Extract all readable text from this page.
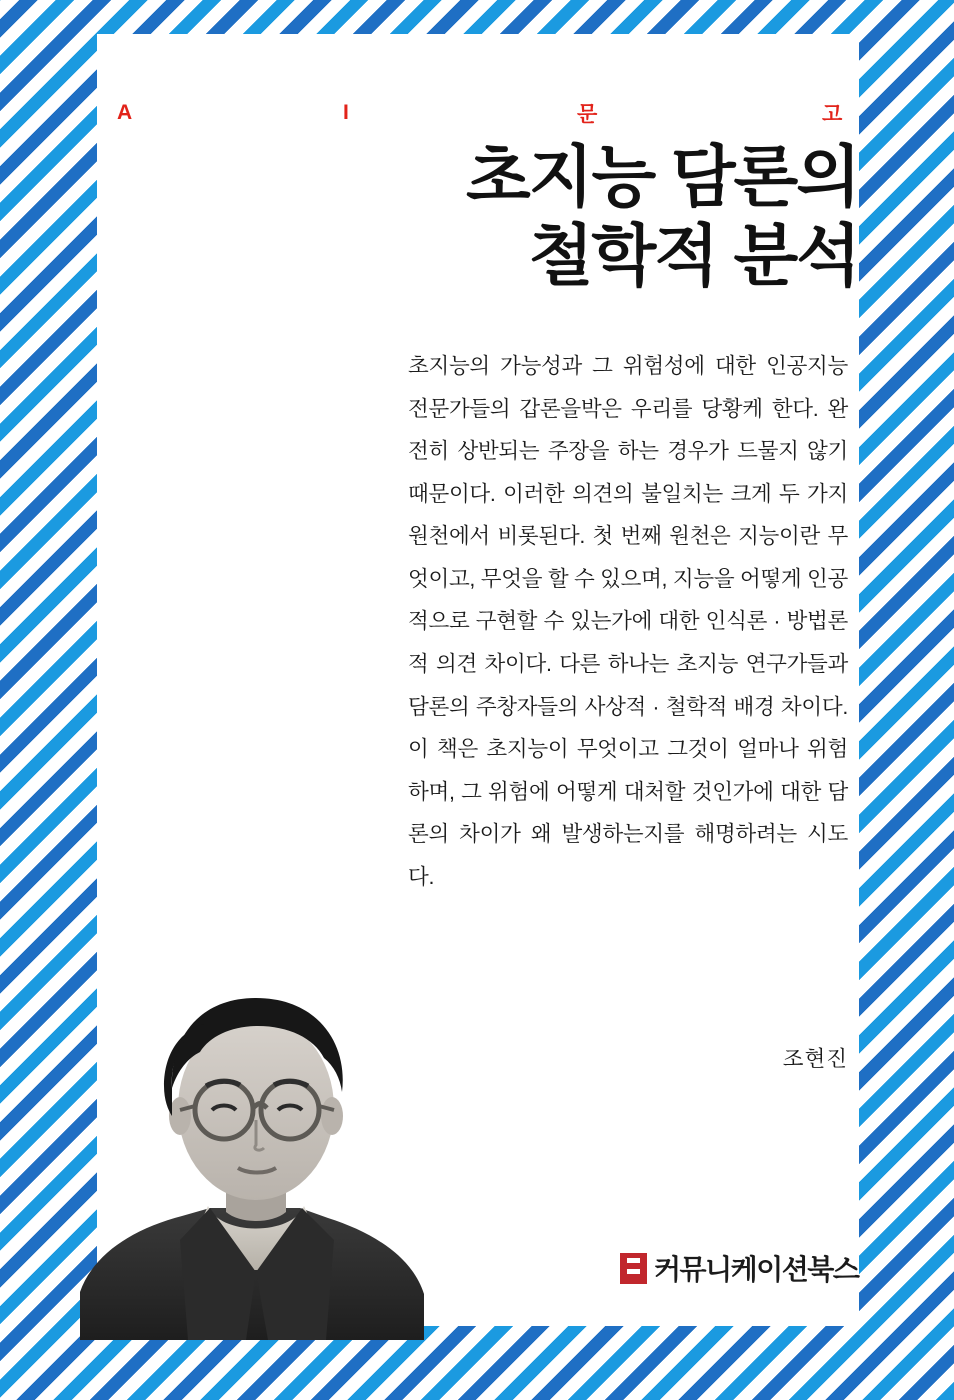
A	I	문	고
초지능 담론의
철학적 분석
초지능의 가능성과 그 위험성에 대한 인공지능 전문가들의 갑론을박은 우리를 당황케 한다. 완전히 상반되는 주장을 하는 경우가 드물지 않기 때문이다. 이러한 의견의 불일치는 크게 두 가지 원천에서 비롯된다. 첫 번째 원천은 지능이란 무엇이고, 무엇을 할 수 있으며, 지능을 어떻게 인공적으로 구현할 수 있는가에 대한 인식론 · 방법론적 의견 차이다. 다른 하나는 초지능 연구가들과 담론의 주창자들의 사상적 · 철학적 배경 차이다. 이 책은 초지능이 무엇이고 그것이 얼마나 위험하며, 그 위험에 어떻게 대처할 것인가에 대한 담론의 차이가 왜 발생하는지를 해명하려는 시도다.
조현진
커뮤니케이션북스
